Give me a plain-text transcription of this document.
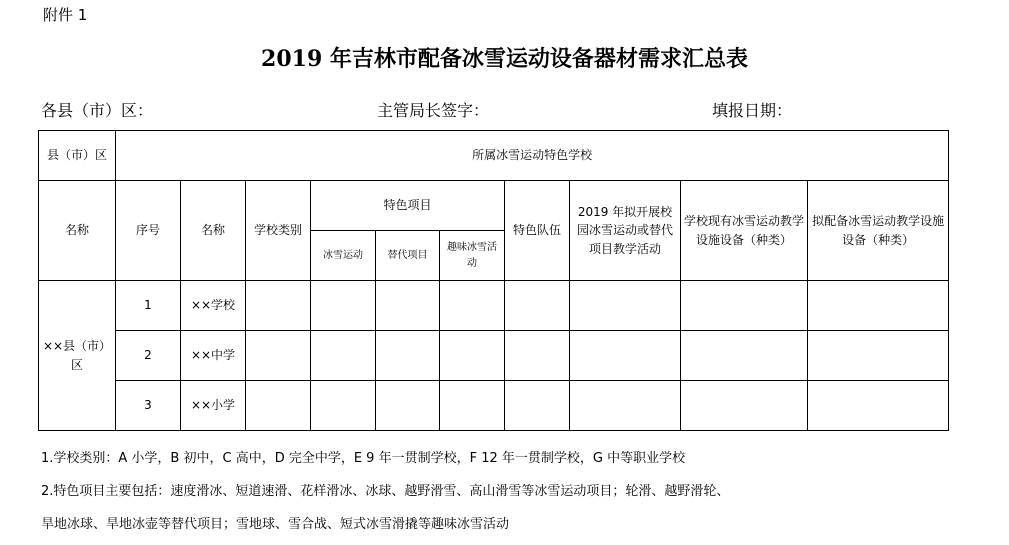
附件 1
2019 年吉林市配备冰雪运动设备器材需求汇总表
各县（市）区：	主管局长签字：	填报日期：
县（市）区	所属冰雪运动特色学校									
名称	序号	名称	学校类别	特色项目			特色队伍	2019 年拟开展校园冰雪运动或替代项目教学活动	学校现有冰雪运动教学设施设备（种类）	拟配备冰雪运动教学设施设备（种类）
				冰雪运动	替代项目	趣味冰雪活动				
××县（市）区	1	××学校								
	2	××中学								
	3	××小学								
1.学校类别：A 小学，B 初中，C 高中，D 完全中学，E 9 年一贯制学校，F 12 年一贯制学校，G 中等职业学校
2.特色项目主要包括：速度滑冰、短道速滑、花样滑冰、冰球、越野滑雪、高山滑雪等冰雪运动项目；轮滑、越野滑轮、
旱地冰球、旱地冰壶等替代项目；雪地球、雪合战、短式冰雪滑撬等趣味冰雪活动
